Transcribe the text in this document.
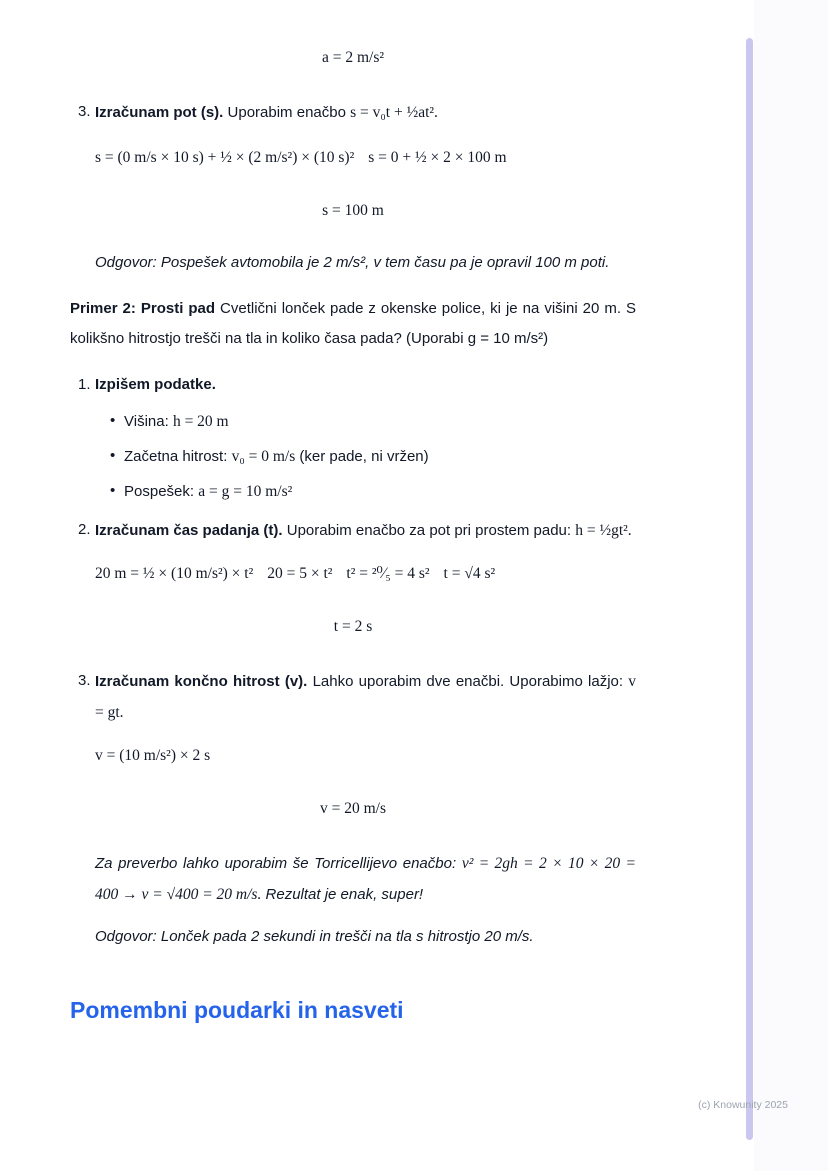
a = 2 m/s²
3. Izračunam pot (s). Uporabim enačbo s = v₀t + ½at².

s = (0 m/s × 10 s) + ½ × (2 m/s²) × (10 s)² s = 0 + ½ × 2 × 100 m
s = 100 m

Odgovor: Pospešek avtomobila je 2 m/s², v tem času pa je opravil 100 m poti.

Primer 2: Prosti pad Cvetlični lonček pade z okenske police, ki je na višini 20 m. S kolikšno hitrostjo trešči na tla in koliko časa pada? (Uporabi g = 10 m/s²)

1. Izpišem podatke.

• Višina: h = 20 m
• Začetna hitrost: v₀ = 0 m/s (ker pade, ni vržen)
• Pospešek: a = g = 10 m/s²
2. Izračunam čas padanja (t). Uporabim enačbo za pot pri prostem padu: h = ½gt².

20 m = ½ × (10 m/s²) × t² 20 = 5 × t² t² = ²⁰⁄₅ = 4 s² t = √4 s²
t = 2 s
3. Izračunam končno hitrost (v). Lahko uporabim dve enačbi. Uporabimo lažjo: v = gt.

v = (10 m/s²) × 2 s
v = 20 m/s

Za preverbo lahko uporabim še Torricellijevo enačbo: v² = 2gh = 2 × 10 × 20 = 400 → v = √400 = 20 m/s. Rezultat je enak, super!

Odgovor: Lonček pada 2 sekundi in trešči na tla s hitrostjo 20 m/s.

Pomembni poudarki in nasveti
(c) Knowunity 2025
